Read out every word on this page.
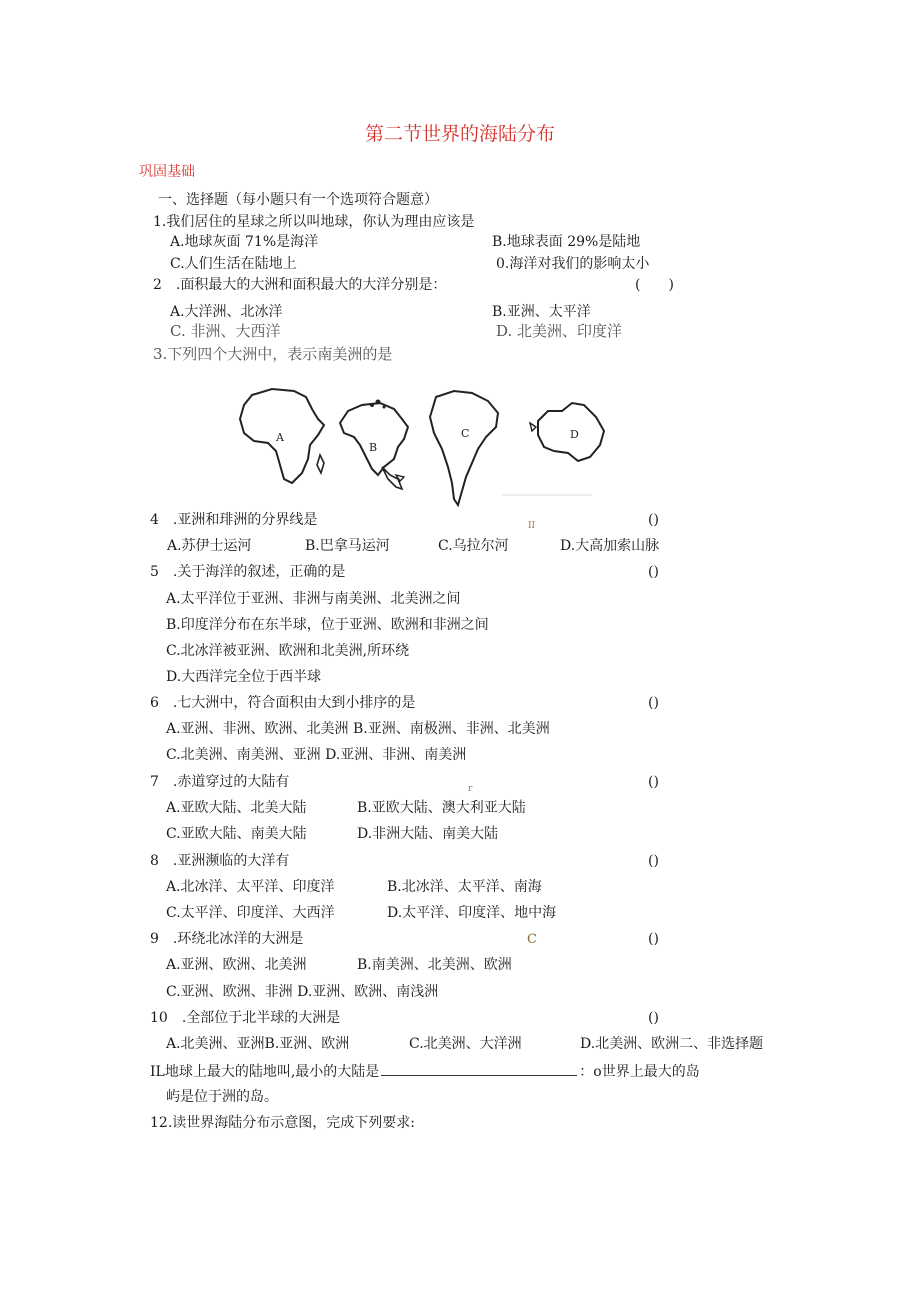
第二节世界的海陆分布
巩固基础
一、选择题（每小题只有一个选项符合题意）
1.我们居住的星球之所以叫地球，你认为理由应该是
A.地球灰面 71%是海洋	B.地球表面 29%是陆地
C.人们生活在陆地上	0.海洋对我们的影响太小
2　.面积最大的大洲和面积最大的大洋分别是：	(　　)
A.大洋洲、北冰洋	B.亚洲、太平洋
C. 非洲、大西洋	D. 北美洲、印度洋
3.下列四个大洲中，表示南美洲的是
A
B
C	D
4　.亚洲和琲洲的分界线是	II	()
A.苏伊士运河	B.巴拿马运河	C.乌拉尔河	D.大高加索山脉
5　.关于海洋的叙述，正确的是	()
A.太平洋位于亚洲、非洲与南美洲、北美洲之间
B.印度洋分布在东半球，位于亚洲、欧洲和非洲之间
C.北冰洋被亚洲、欧洲和北美洲,所环绕
D.大西洋完全位于西半球
6　.七大洲中，符合面积由大到小排序的是	()
A.亚洲、非洲、欧洲、北美洲 B.亚洲、南极洲、非洲、北美洲
C.北美洲、南美洲、亚洲 D.亚洲、非洲、南美洲
7　.赤道穿过的大陆有	r	()
A.亚欧大陆、北美大陆	B.亚欧大陆、澳大利亚大陆
C.亚欧大陆、南美大陆	D.非洲大陆、南美大陆
8　.亚洲濒临的大洋有	()
A.北冰洋、太平洋、印度洋	B.北冰洋、太平洋、南海
C.太平洋、印度洋、大西洋	D.太平洋、印度洋、地中海
9　.环绕北冰洋的大洲是	C	()
A.亚洲、欧洲、北美洲	B.南美洲、北美洲、欧洲
C.亚洲、欧洲、非洲 D.亚洲、欧洲、南浅洲
10　.全部位于北半球的大洲是	()
A.北美洲、亚洲B.亚洲、欧洲	C.北美洲、大洋洲	D.北美洲、欧洲二、非选择题
IL地球上最大的陆地叫,最小的大陆是	：o世界上最大的岛
屿是位于洲的岛。
12.读世界海陆分布示意图，完成下列要求:
